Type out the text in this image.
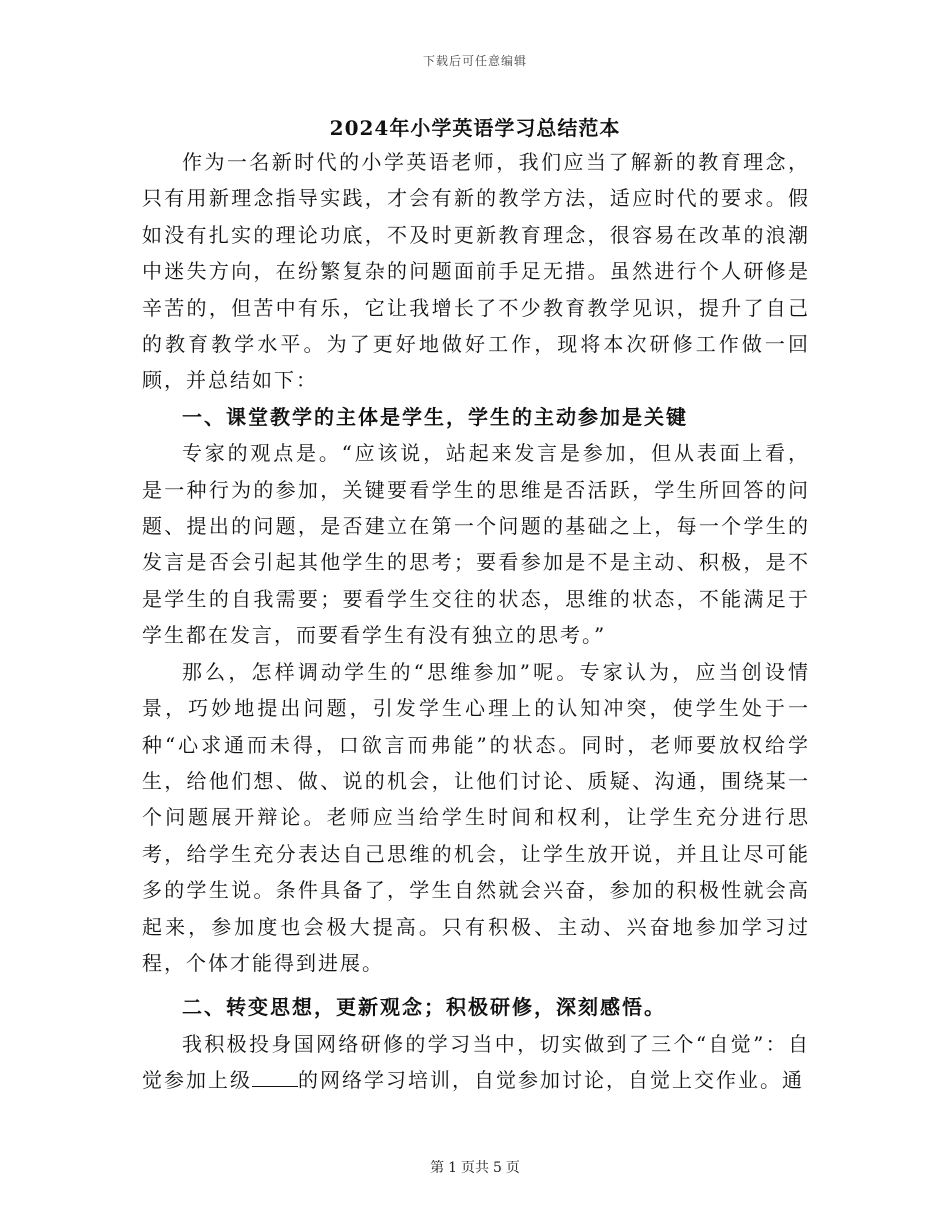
下载后可任意编辑
2024年小学英语学习总结范本

作为一名新时代的小学英语老师，我们应当了解新的教育理念，只有用新理念指导实践，才会有新的教学方法，适应时代的要求。假如没有扎实的理论功底，不及时更新教育理念，很容易在改革的浪潮中迷失方向，在纷繁复杂的问题面前手足无措。虽然进行个人研修是辛苦的，但苦中有乐，它让我增长了不少教育教学见识，提升了自己的教育教学水平。为了更好地做好工作，现将本次研修工作做一回顾，并总结如下：

一、课堂教学的主体是学生，学生的主动参加是关键

专家的观点是。“应该说，站起来发言是参加，但从表面上看，是一种行为的参加，关键要看学生的思维是否活跃，学生所回答的问题、提出的问题，是否建立在第一个问题的基础之上，每一个学生的发言是否会引起其他学生的思考；要看参加是不是主动、积极，是不是学生的自我需要；要看学生交往的状态，思维的状态，不能满足于学生都在发言，而要看学生有没有独立的思考。”

那么，怎样调动学生的“思维参加”呢。专家认为，应当创设情景，巧妙地提出问题，引发学生心理上的认知冲突，使学生处于一种“心求通而未得，口欲言而弗能”的状态。同时，老师要放权给学生，给他们想、做、说的机会，让他们讨论、质疑、沟通，围绕某一个问题展开辩论。老师应当给学生时间和权利，让学生充分进行思考，给学生充分表达自己思维的机会，让学生放开说，并且让尽可能多的学生说。条件具备了，学生自然就会兴奋，参加的积极性就会高起来，参加度也会极大提高。只有积极、主动、兴奋地参加学习过程，个体才能得到进展。

二、转变思想，更新观念；积极研修，深刻感悟。

我积极投身国网络研修的学习当中，切实做到了三个“自觉”：自觉参加上级 的网络学习培训，自觉参加讨论，自觉上交作业。通

第 1 页共 5 页
